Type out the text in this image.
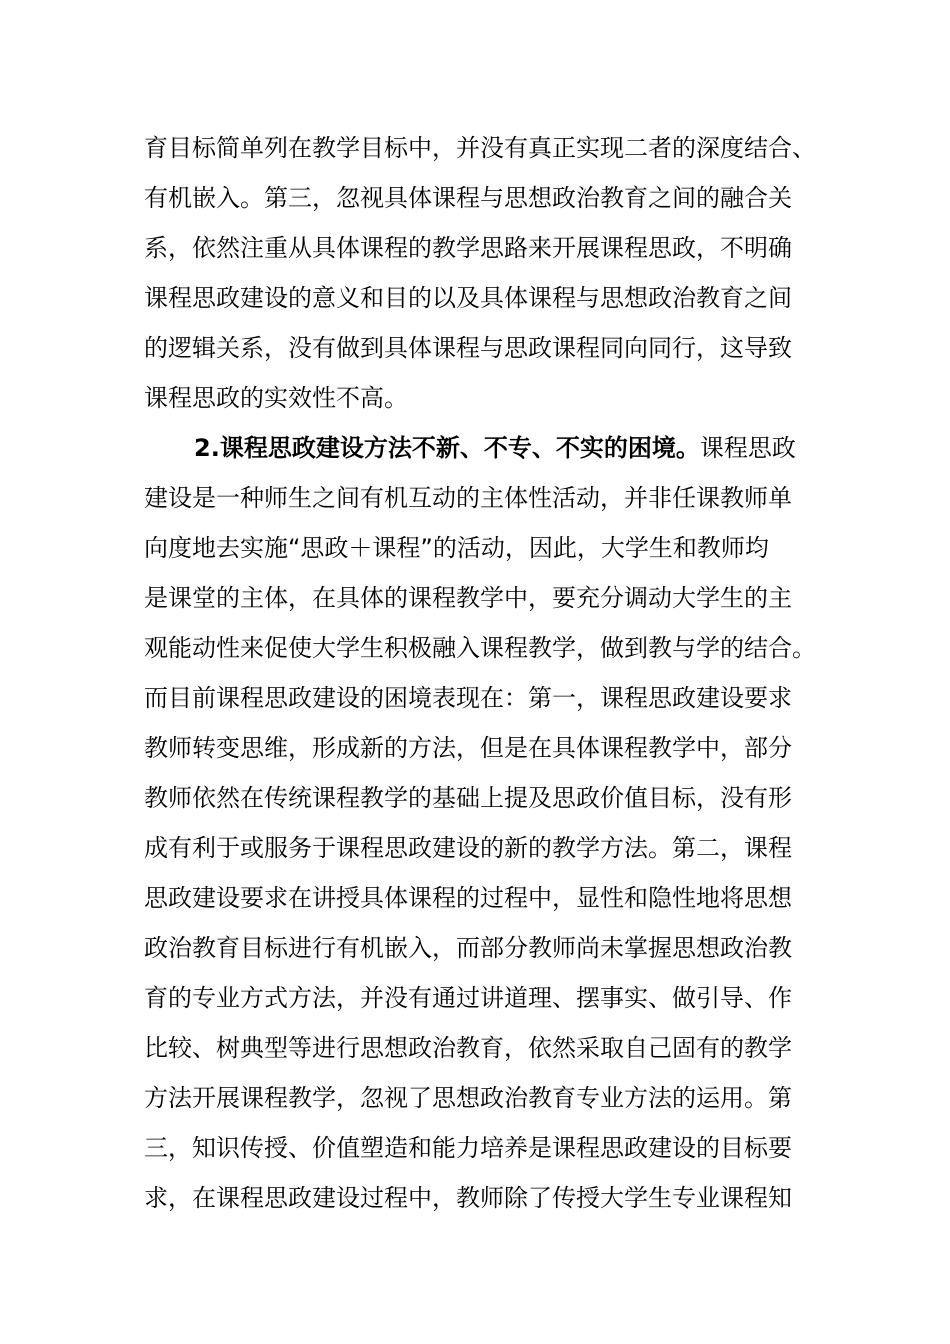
育目标简单列在教学目标中，并没有真正实现二者的深度结合、

有机嵌入。第三，忽视具体课程与思想政治教育之间的融合关

系，依然注重从具体课程的教学思路来开展课程思政，不明确

课程思政建设的意义和目的以及具体课程与思想政治教育之间

的逻辑关系，没有做到具体课程与思政课程同向同行，这导致

课程思政的实效性不高。

2.课程思政建设方法不新、不专、不实的困境。课程思政

建设是一种师生之间有机互动的主体性活动，并非任课教师单

向度地去实施“思政＋课程”的活动，因此，大学生和教师均

是课堂的主体，在具体的课程教学中，要充分调动大学生的主

观能动性来促使大学生积极融入课程教学，做到教与学的结合。

而目前课程思政建设的困境表现在：第一，课程思政建设要求

教师转变思维，形成新的方法，但是在具体课程教学中，部分

教师依然在传统课程教学的基础上提及思政价值目标，没有形

成有利于或服务于课程思政建设的新的教学方法。第二，课程

思政建设要求在讲授具体课程的过程中，显性和隐性地将思想

政治教育目标进行有机嵌入，而部分教师尚未掌握思想政治教

育的专业方式方法，并没有通过讲道理、摆事实、做引导、作

比较、树典型等进行思想政治教育，依然采取自己固有的教学

方法开展课程教学，忽视了思想政治教育专业方法的运用。第

三，知识传授、价值塑造和能力培养是课程思政建设的目标要

求，在课程思政建设过程中，教师除了传授大学生专业课程知
